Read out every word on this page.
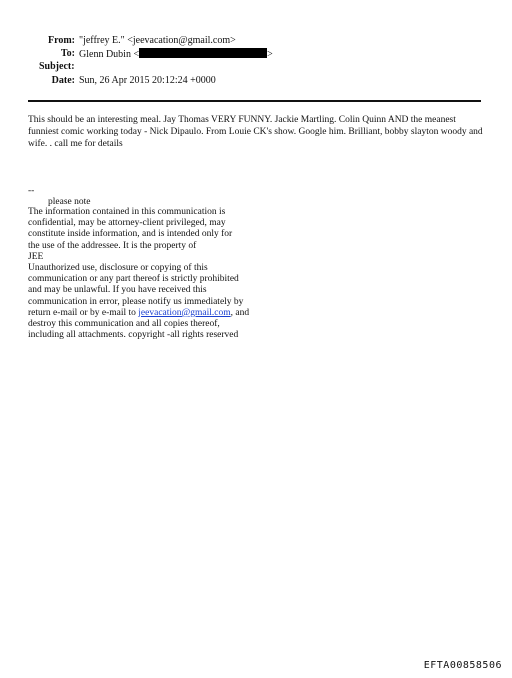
From: "jeffrey E." <jeevacation@gmail.com>
To: Glenn Dubin <	>
Subject:
Date: Sun, 26 Apr 2015 20:12:24 +0000
This should be an interesting meal. Jay Thomas VERY FUNNY. Jackie Martling. Colin Quinn AND the meanest funniest comic working today - Nick Dipaulo. From Louie CK's show. Google him. Brilliant, bobby slayton woody and wife. . call me for details
--
please note
The information contained in this communication is
confidential, may be attorney-client privileged, may
constitute inside information, and is intended only for
the use of the addressee. It is the property of
JEE
Unauthorized use, disclosure or copying of this
communication or any part thereof is strictly prohibited
and may be unlawful. If you have received this
communication in error, please notify us immediately by
return e-mail or by e-mail to jeevacation@gmail.com, and
destroy this communication and all copies thereof,
including all attachments. copyright -all rights reserved
EFTA00858506
